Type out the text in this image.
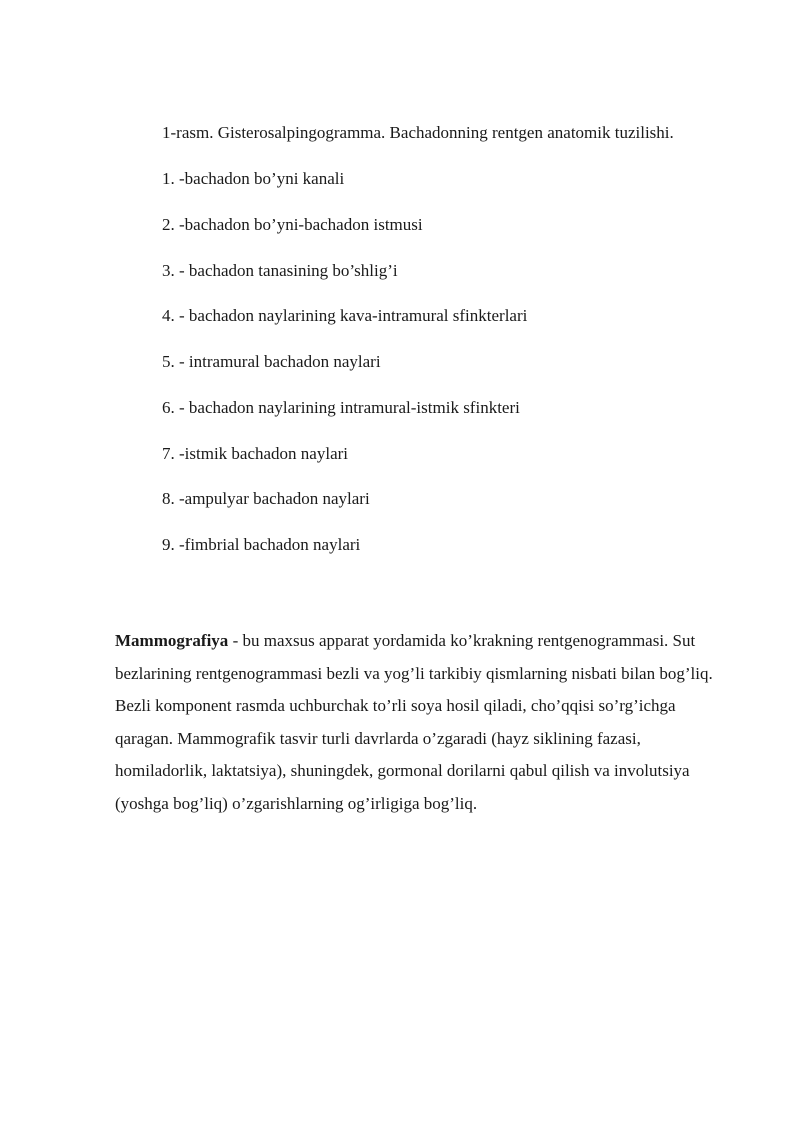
1-rasm. Gisterosalpingogramma. Bachadonning rentgen anatomik tuzilishi.
1. -bachadon bo’yni kanali
2. -bachadon bo’yni-bachadon istmusi
3. - bachadon tanasining bo’shlig’i
4. - bachadon naylarining kava-intramural sfinkterlari
5. - intramural bachadon naylari
6. - bachadon naylarining intramural-istmik sfinkteri
7. -istmik bachadon naylari
8. -ampulyar bachadon naylari
9. -fimbrial bachadon naylari

Mammografiya - bu maxsus apparat yordamida ko’krakning rentgenogrammasi. Sut bezlarining rentgenogrammasi bezli va yog’li tarkibiy qismlarning nisbati bilan bog’liq. Bezli komponent rasmda uchburchak to’rli soya hosil qiladi, cho’qqisi so’rg’ichga qaragan. Mammografik tasvir turli davrlarda o’zgaradi (hayz siklining fazasi, homiladorlik, laktatsiya), shuningdek, gormonal dorilarni qabul qilish va involutsiya (yoshga bog’liq) o’zgarishlarning og’irligiga bog’liq.
